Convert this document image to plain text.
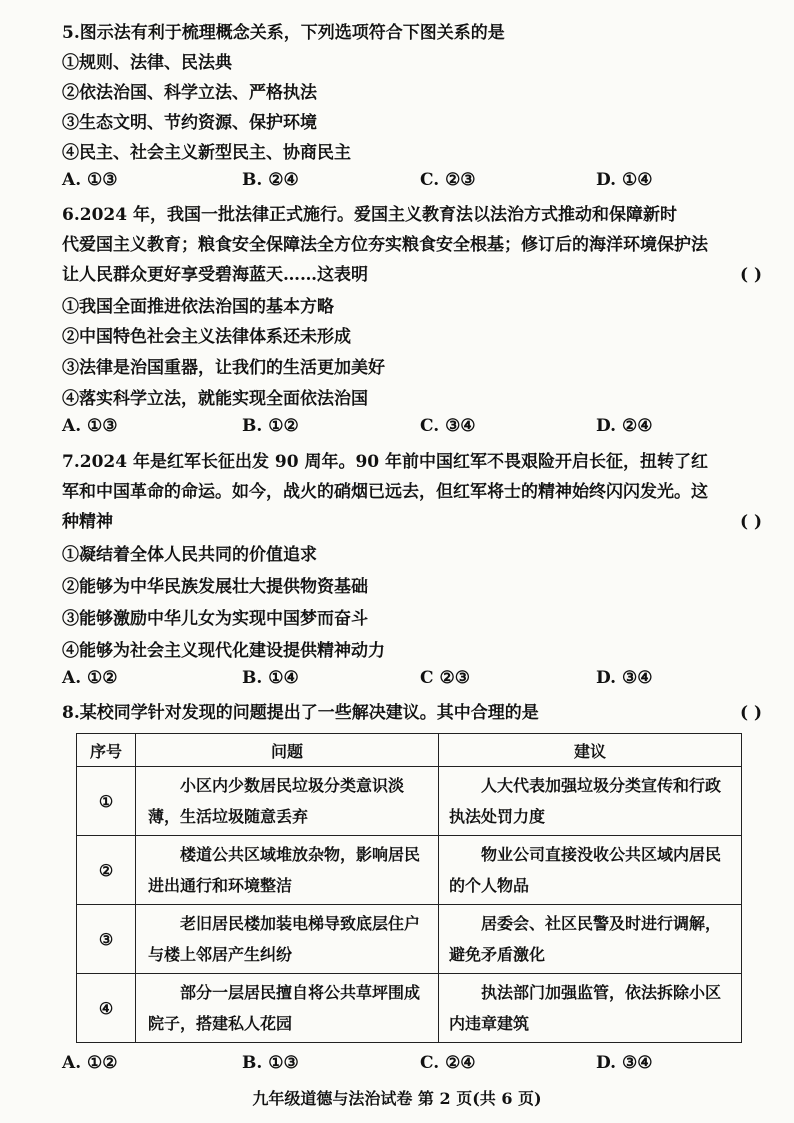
5.图示法有利于梳理概念关系，下列选项符合下图关系的是
①规则、法律、民法典
②依法治国、科学立法、严格执法
③生态文明、节约资源、保护环境
④民主、社会主义新型民主、协商民主
A. ①③	B. ②④	C. ②③	D. ①④
6.2024 年，我国一批法律正式施行。爱国主义教育法以法治方式推动和保障新时
代爱国主义教育；粮食安全保障法全方位夯实粮食安全根基；修订后的海洋环境保护法
让人民群众更好享受碧海蓝天……这表明	( )
①我国全面推进依法治国的基本方略
②中国特色社会主义法律体系还未形成
③法律是治国重器，让我们的生活更加美好
④落实科学立法，就能实现全面依法治国
A. ①③	B. ①②	C. ③④	D. ②④
7.2024 年是红军长征出发 90 周年。90 年前中国红军不畏艰险开启长征，扭转了红
军和中国革命的命运。如今，战火的硝烟已远去，但红军将士的精神始终闪闪发光。这
种精神	( )
①凝结着全体人民共同的价值追求
②能够为中华民族发展壮大提供物资基础
③能够激励中华儿女为实现中国梦而奋斗
④能够为社会主义现代化建设提供精神动力
A. ①②	B. ①④	C ②③	D. ③④
8.某校同学针对发现的问题提出了一些解决建议。其中合理的是	( )
序号	问题	建议
①	小区内少数居民垃圾分类意识淡薄，生活垃圾随意丢弃	人大代表加强垃圾分类宣传和行政执法处罚力度
②	楼道公共区域堆放杂物，影响居民进出通行和环境整洁	物业公司直接没收公共区域内居民的个人物品
③	老旧居民楼加装电梯导致底层住户与楼上邻居产生纠纷	居委会、社区民警及时进行调解，避免矛盾激化
④	部分一层居民擅自将公共草坪围成院子，搭建私人花园	执法部门加强监管，依法拆除小区内违章建筑
A. ①②	B. ①③	C. ②④	D. ③④
九年级道德与法治试卷 第 2 页(共 6 页)
